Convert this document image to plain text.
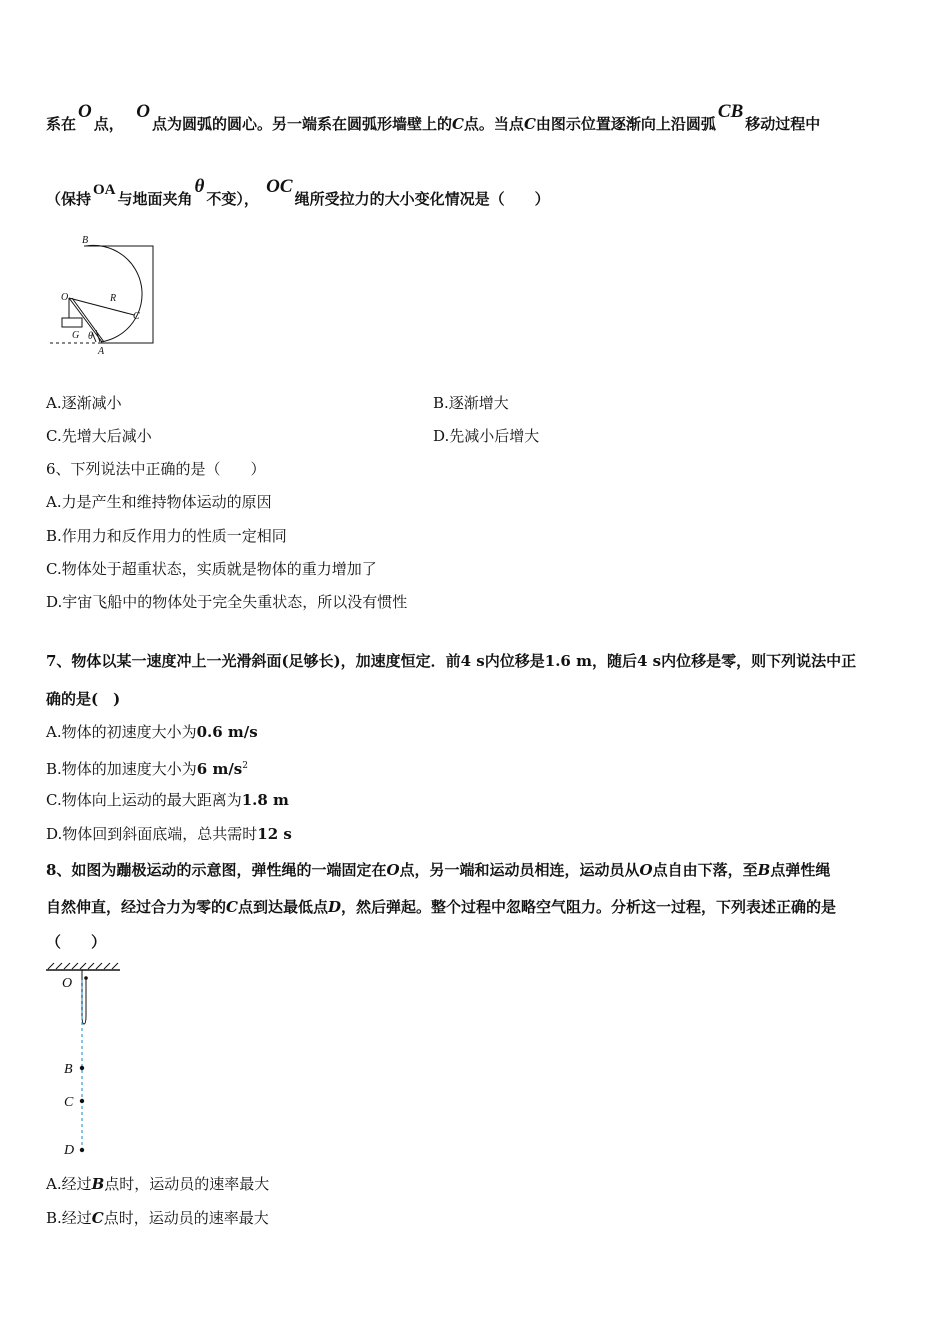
系在O点，  O点为圆弧的圆心。另一端系在圆弧形墙壁上的C点。当点C由图示位置逐渐向上沿圆弧CB移动过程中
（保持 OA 与地面夹角θ不变）， OC绳所受拉力的大小变化情况是（　　）
B
O	R
C
G θ
A
A.逐渐减小	B.逐渐增大
C.先增大后减小	D.先减小后增大
6、下列说法中正确的是（　　）
A.力是产生和维持物体运动的原因
B.作用力和反作用力的性质一定相同
C.物体处于超重状态，实质就是物体的重力增加了
D.宇宙飞船中的物体处于完全失重状态，所以没有惯性
7、物体以某一速度冲上一光滑斜面(足够长)，加速度恒定．前4 s内位移是1.6 m，随后4 s内位移是零，则下列说法中正
确的是(　)
A.物体的初速度大小为0.6 m/s
B.物体的加速度大小为6 $m/s^2$
C.物体向上运动的最大距离为1.8 m
D.物体回到斜面底端，总共需时12 s
8、如图为蹦极运动的示意图，弹性绳的一端固定在O点，另一端和运动员相连，运动员从O点自由下落，至B点弹性绳
自然伸直，经过合力为零的C点到达最低点D，然后弹起。整个过程中忽略空气阻力。分析这一过程，下列表述正确的是
（　　）
O
B
C
D
A.经过B点时，运动员的速率最大
B.经过C点时，运动员的速率最大
